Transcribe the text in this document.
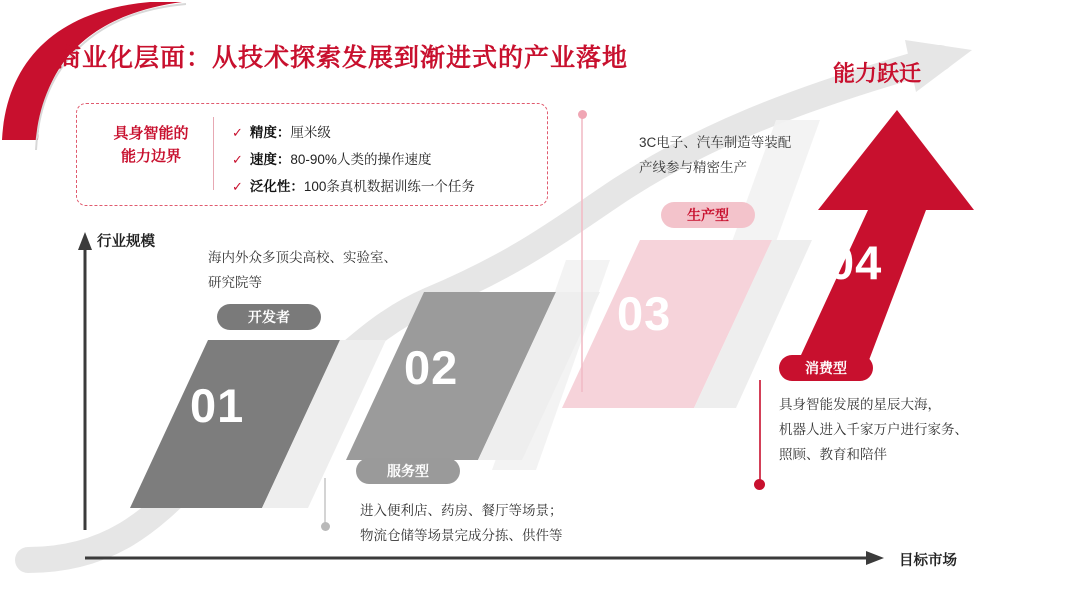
商业化层面：从技术探索发展到渐进式的产业落地
能力跃迁
具身智能的
能力边界
✓ 精度：厘米级
✓ 速度：80-90%人类的操作速度
✓ 泛化性：100条真机数据训练一个任务
行业规模
目标市场
01
02
03
04
开发者
服务型
生产型
消费型
海内外众多顶尖高校、实验室、
研究院等
进入便利店、药房、餐厅等场景；
物流仓储等场景完成分拣、供件等
3C电子、汽车制造等装配
产线参与精密生产
具身智能发展的星辰大海，
机器人进入千家万户进行家务、
照顾、教育和陪伴
